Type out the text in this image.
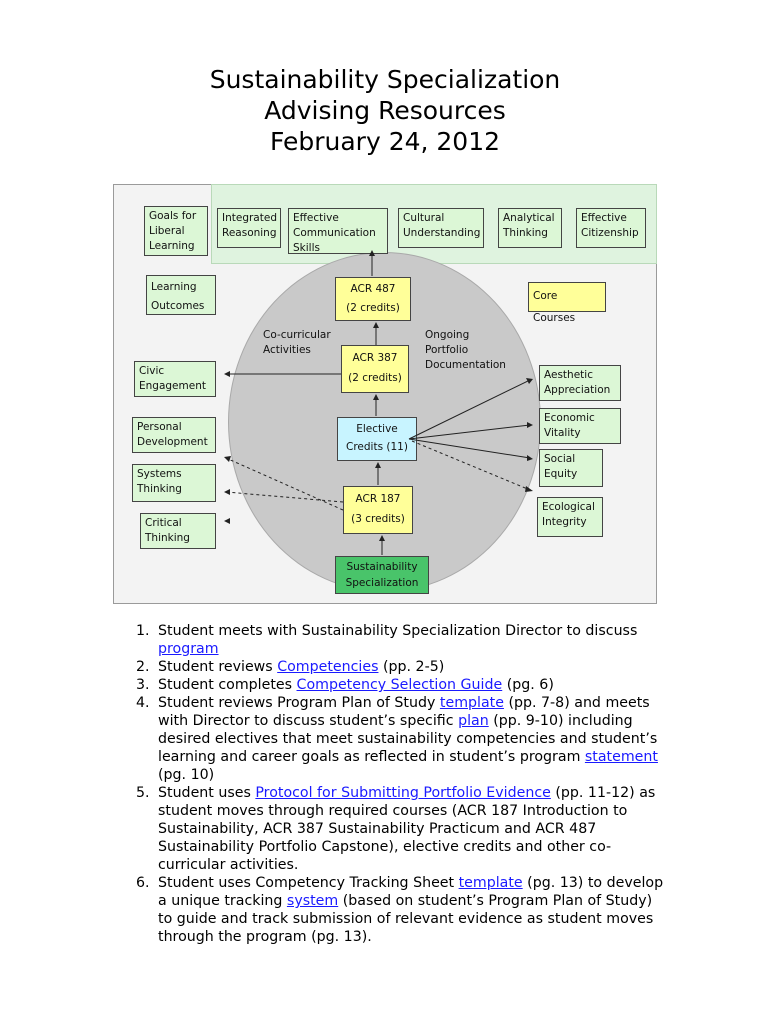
Sustainability Specialization
Advising Resources
February 24, 2012
Goals for Liberal Learning
Integrated Reasoning
Effective Communication Skills
Cultural Understanding
Analytical Thinking
Effective Citizenship
Learning Outcomes
Core Courses
Civic Engagement
Personal Development
Systems Thinking
Critical Thinking
Aesthetic Appreciation
Economic Vitality
Social Equity
Ecological Integrity
ACR 487
(2 credits)
ACR 387
(2 credits)
Elective
Credits (11)
ACR 187
(3 credits)
Sustainability Specialization
Co-curricular Activities
Ongoing Portfolio Documentation
1. Student meets with Sustainability Specialization Director to discuss program
2. Student reviews Competencies (pp. 2-5)
3. Student completes Competency Selection Guide (pg. 6)
4. Student reviews Program Plan of Study template (pp. 7-8) and meets with Director to discuss student’s specific plan (pp. 9-10) including desired electives that meet sustainability competencies and student’s learning and career goals as reflected in student’s program statement (pg. 10)
5. Student uses Protocol for Submitting Portfolio Evidence (pp. 11-12) as student moves through required courses (ACR 187 Introduction to Sustainability, ACR 387 Sustainability Practicum and ACR 487 Sustainability Portfolio Capstone), elective credits and other co-curricular activities.
6. Student uses Competency Tracking Sheet template (pg. 13) to develop a unique tracking system (based on student’s Program Plan of Study) to guide and track submission of relevant evidence as student moves through the program (pg. 13).
